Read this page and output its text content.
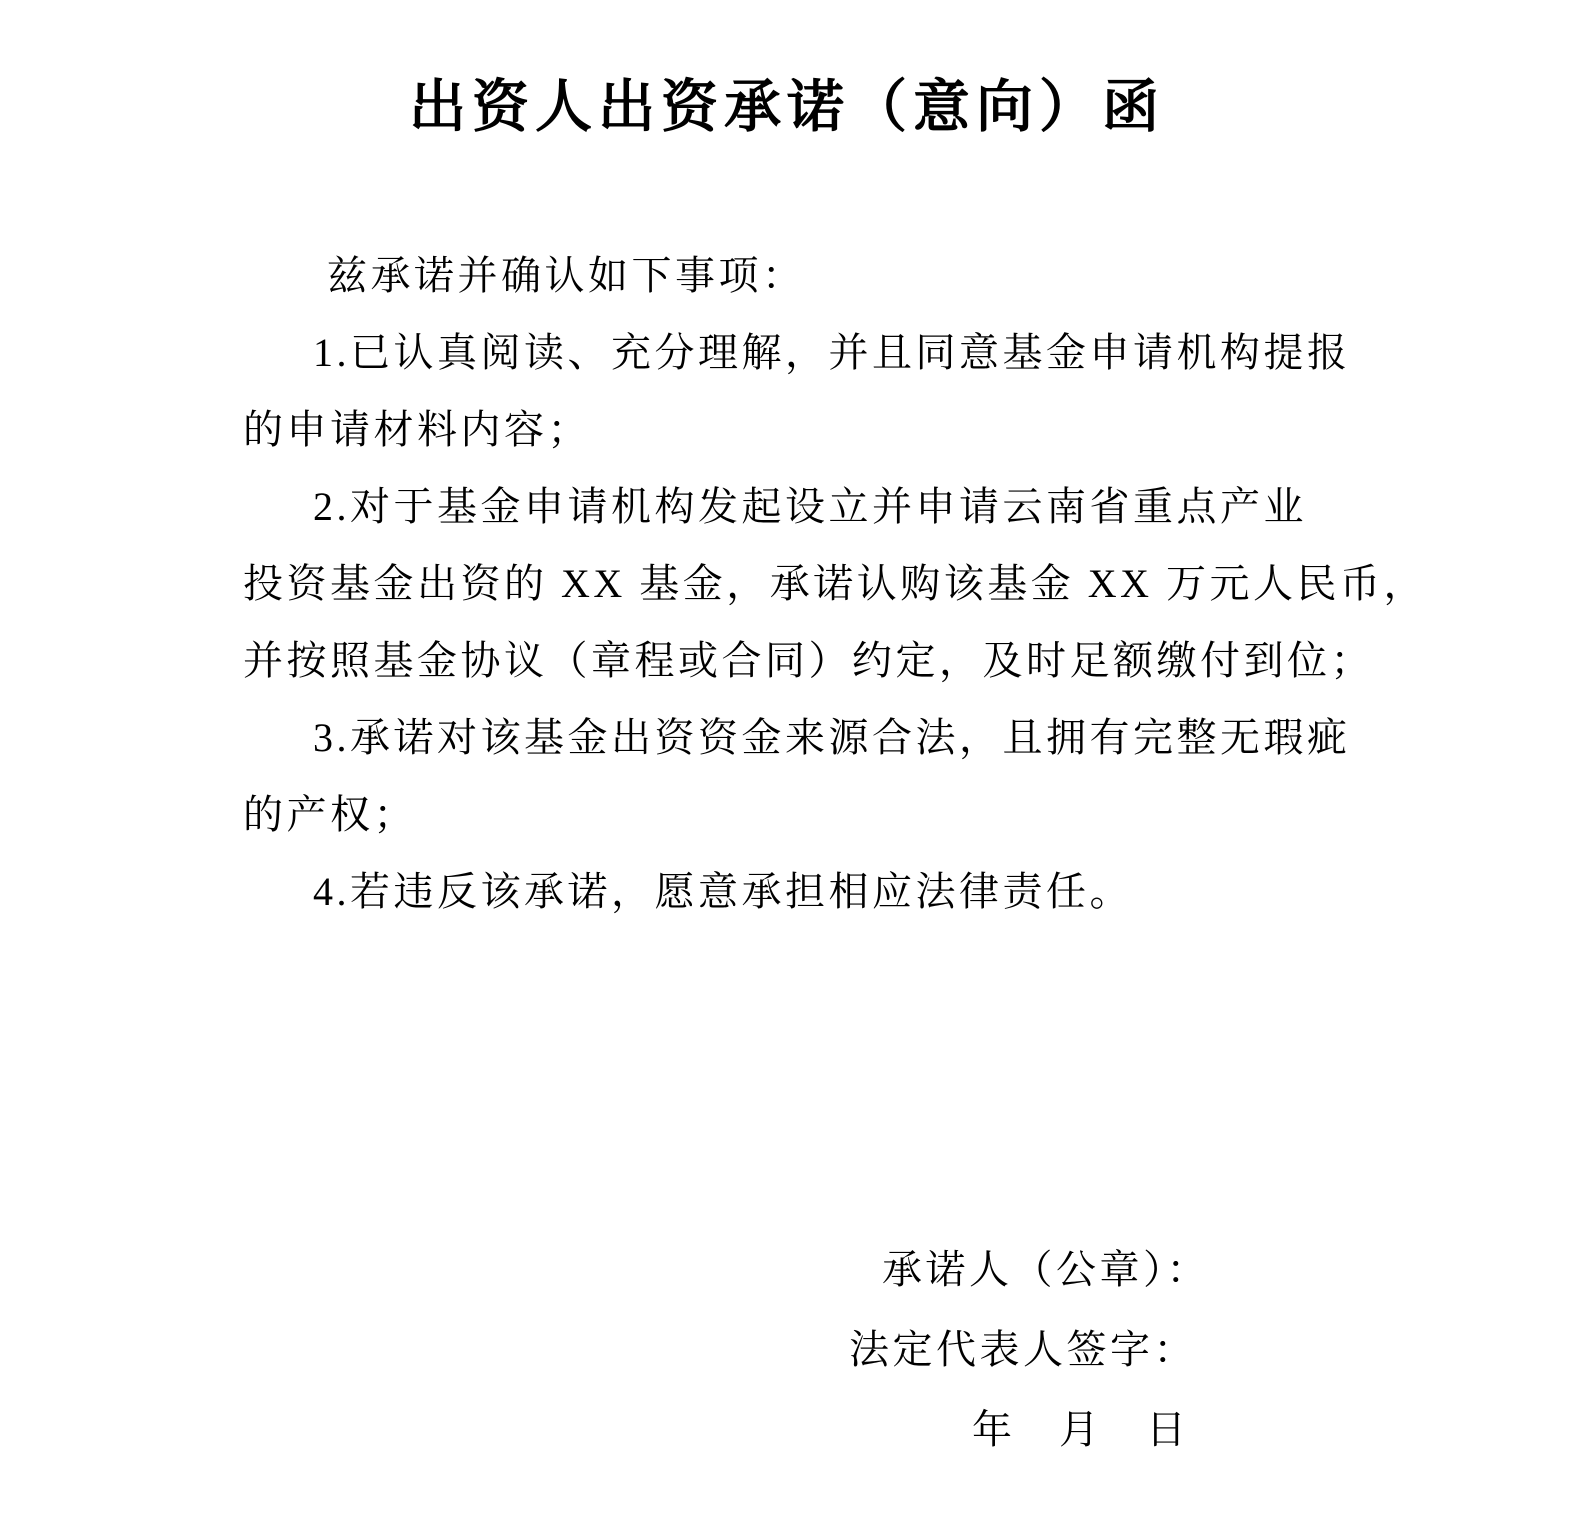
出资人出资承诺（意向）函

兹承诺并确认如下事项：

1.已认真阅读、充分理解，并且同意基金申请机构提报

的申请材料内容；

2.对于基金申请机构发起设立并申请云南省重点产业

投资基金出资的 XX 基金，承诺认购该基金 XX 万元人民币，

并按照基金协议（章程或合同）约定，及时足额缴付到位；

3.承诺对该基金出资资金来源合法，且拥有完整无瑕疵

的产权；

4.若违反该承诺，愿意承担相应法律责任。

承诺人（公章）：

法定代表人签字：

年　月　日
